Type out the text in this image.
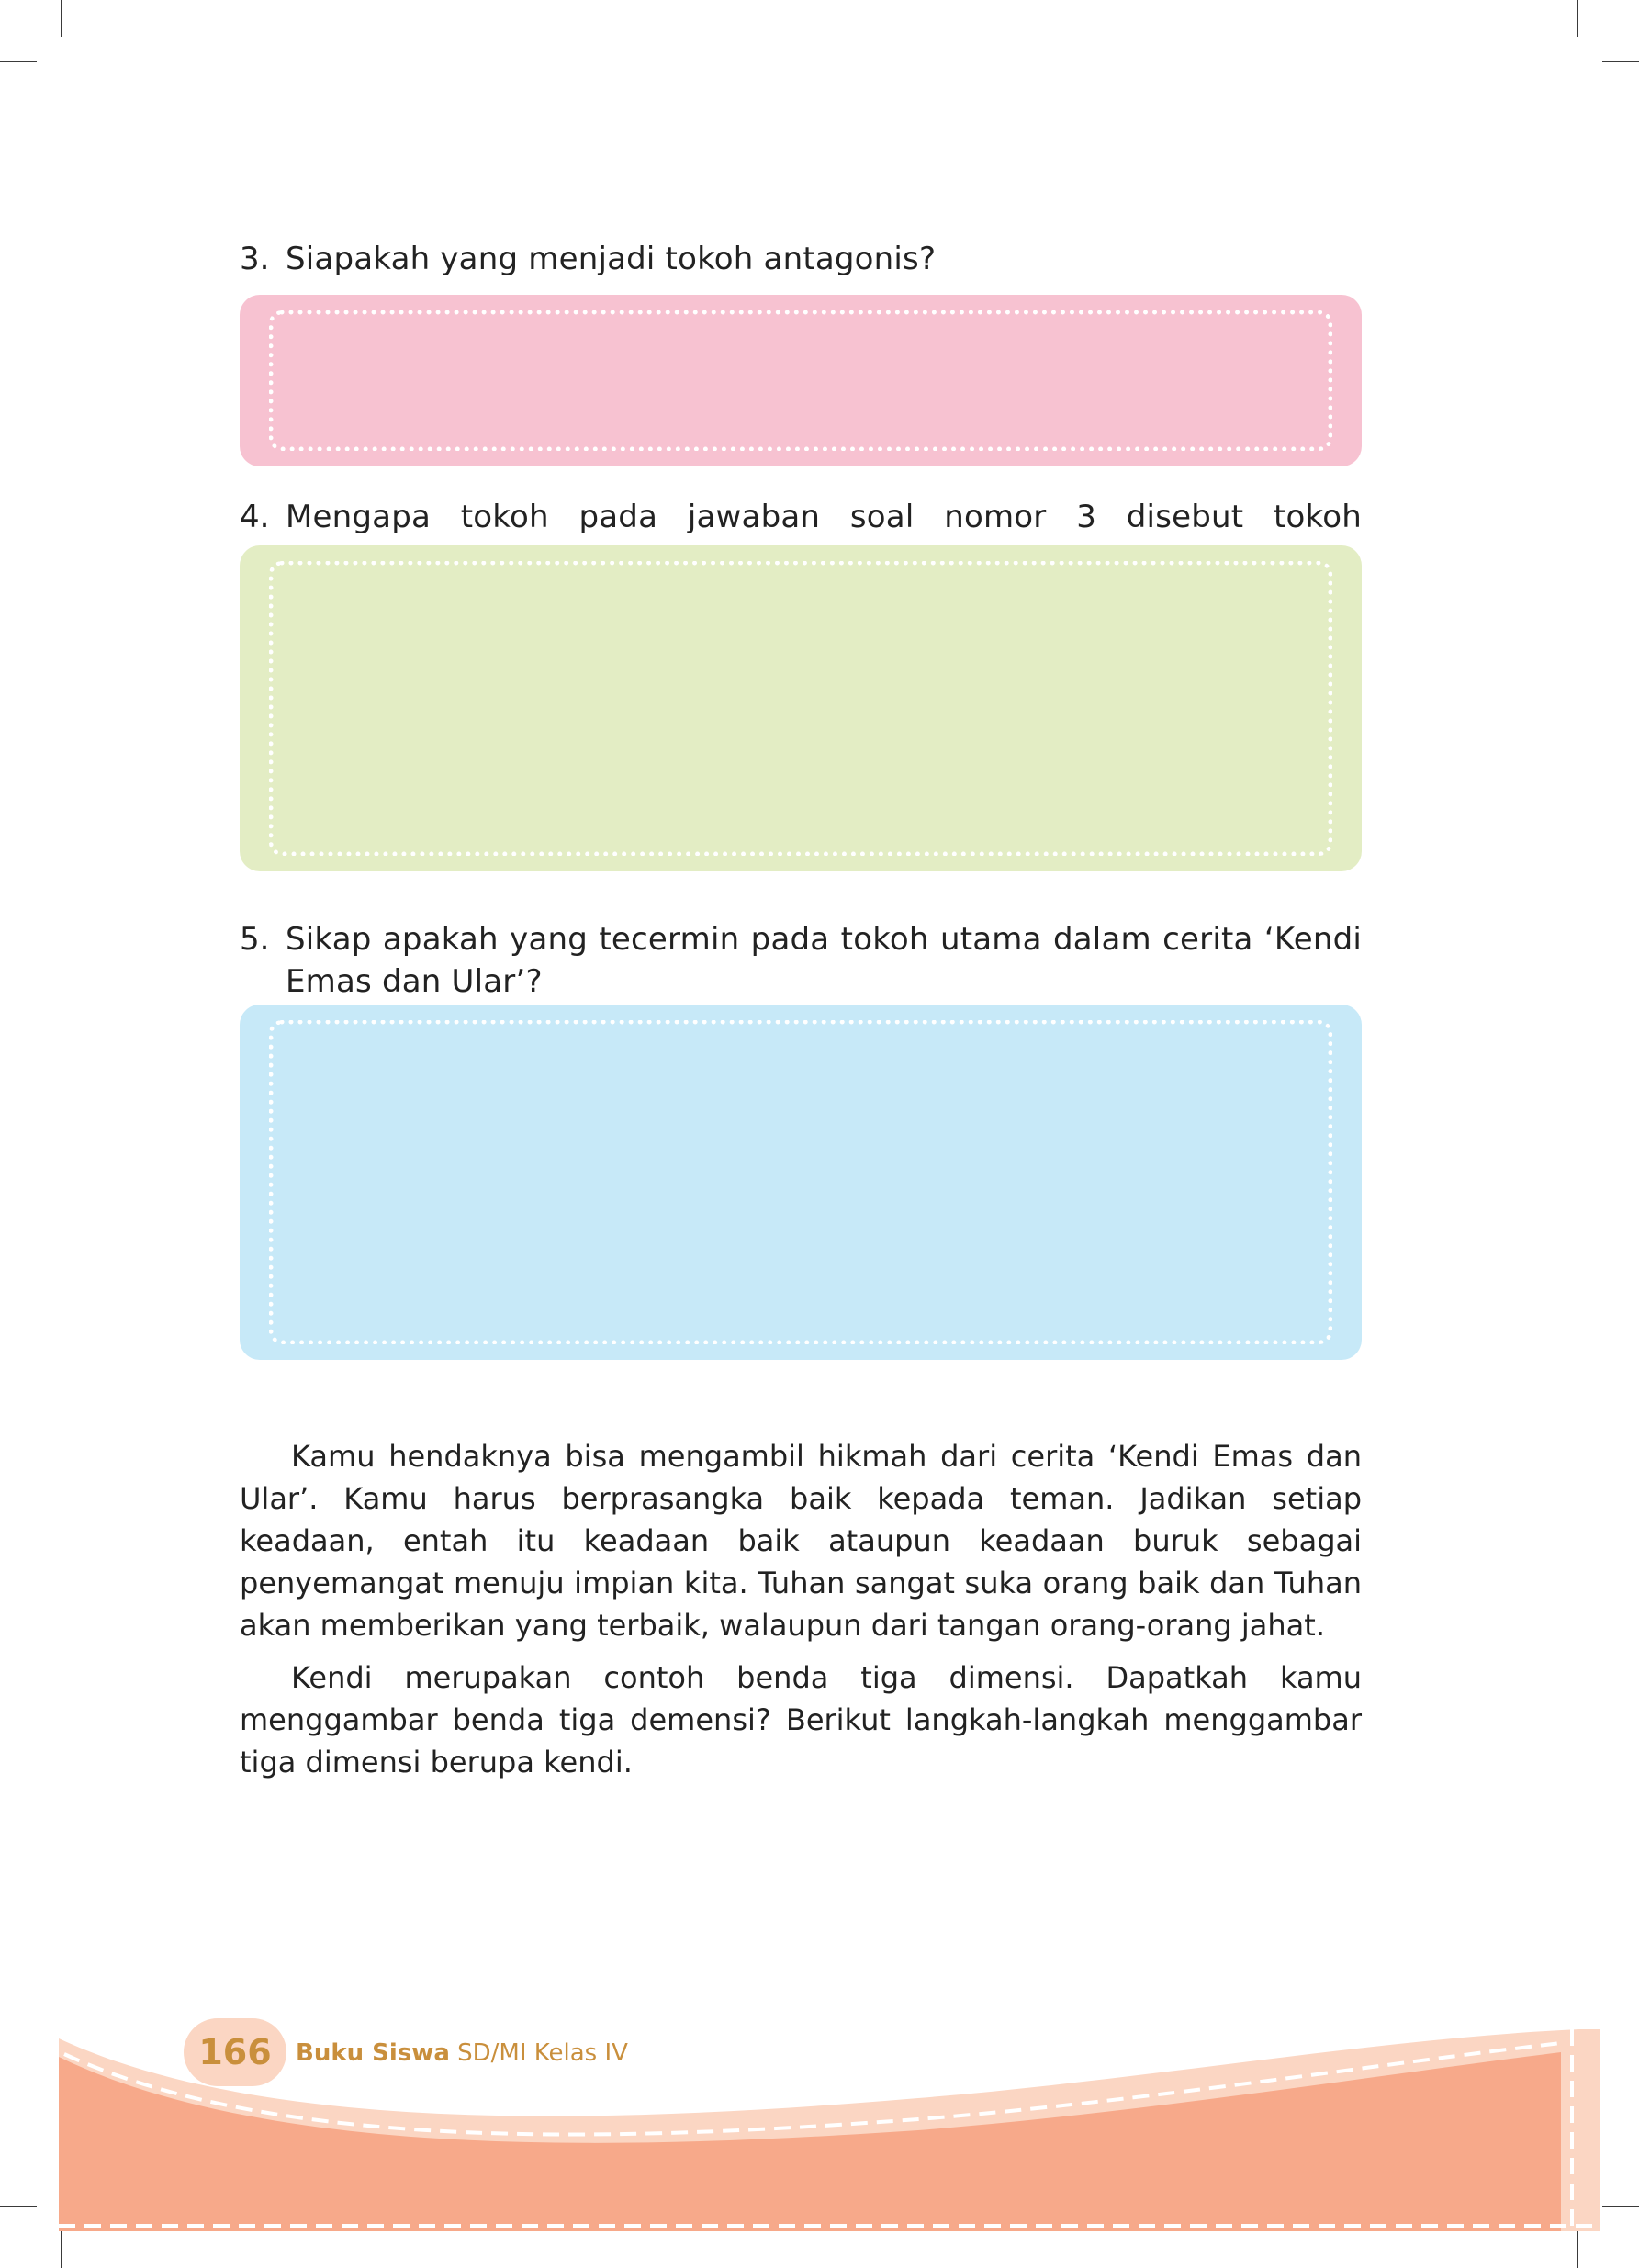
3. Siapakah yang menjadi tokoh antagonis?
4. Mengapa tokoh pada jawaban soal nomor 3 disebut tokoh
5. Sikap apakah yang tecermin pada tokoh utama dalam cerita ‘Kendi Emas dan Ular’?

Kamu hendaknya bisa mengambil hikmah dari cerita ‘Kendi Emas dan Ular’. Kamu harus berprasangka baik kepada teman. Jadikan setiap keadaan, entah itu keadaan baik ataupun keadaan buruk sebagai penyemangat menuju impian kita. Tuhan sangat suka orang baik dan Tuhan akan memberikan yang terbaik, walaupun dari tangan orang-orang jahat.

Kendi merupakan contoh benda tiga dimensi. Dapatkah kamu menggambar benda tiga demensi? Berikut langkah-langkah menggambar tiga dimensi berupa kendi.

166	Buku Siswa SD/MI Kelas IV
